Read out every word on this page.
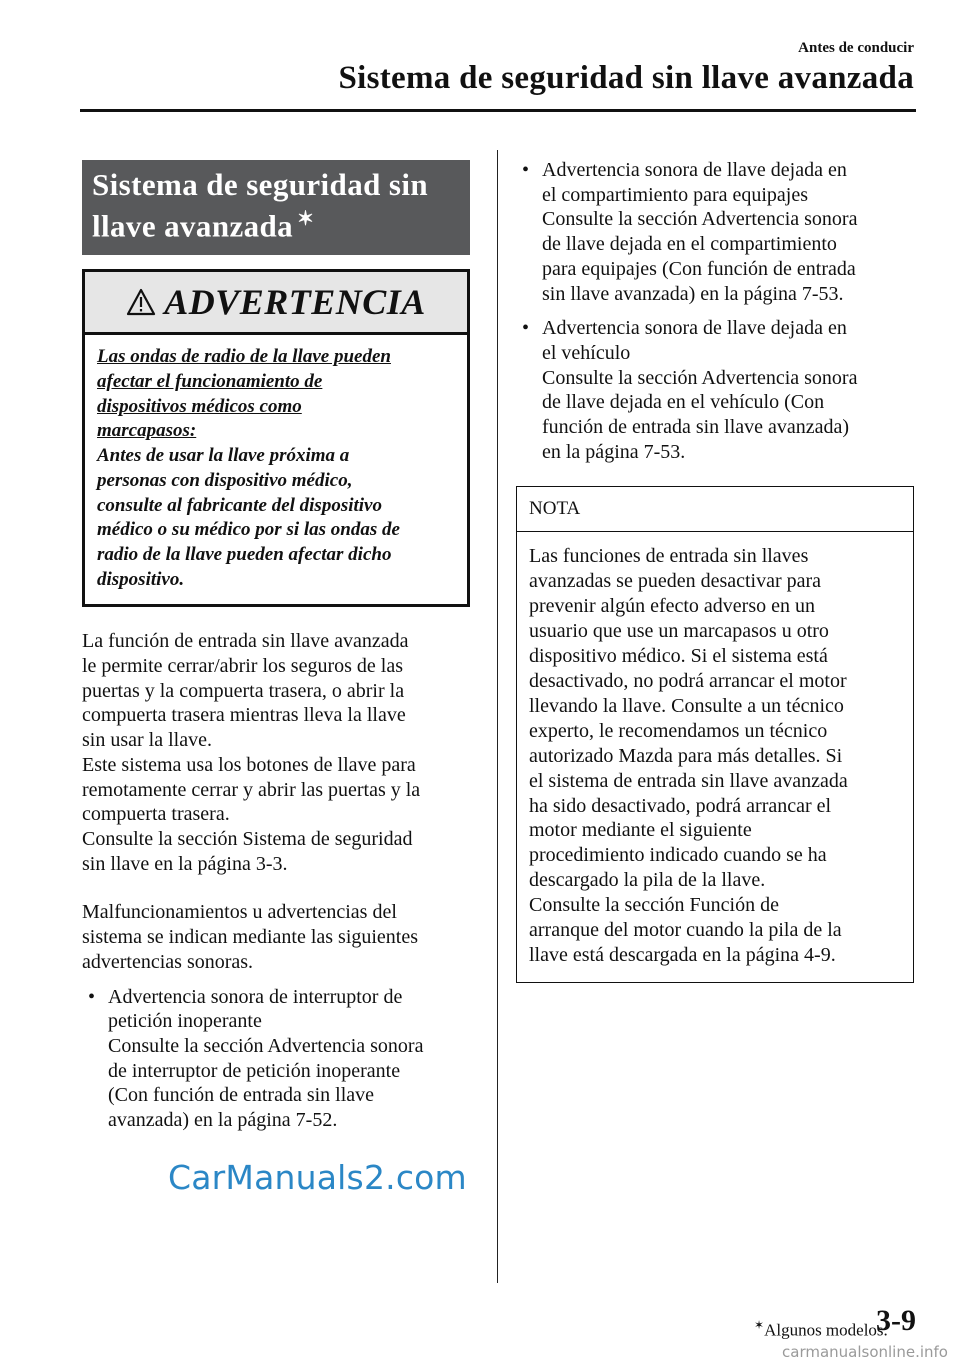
Antes de conducir
Sistema de seguridad sin llave avanzada
Sistema de seguridad sin
llave avanzada ✶
ADVERTENCIA
Las ondas de radio de la llave pueden
afectar el funcionamiento de
dispositivos médicos como
marcapasos:
Antes de usar la llave próxima a
personas con dispositivo médico,
consulte al fabricante del dispositivo
médico o su médico por si las ondas de
radio de la llave pueden afectar dicho
dispositivo.
La función de entrada sin llave avanzada
le permite cerrar/abrir los seguros de las
puertas y la compuerta trasera, o abrir la
compuerta trasera mientras lleva la llave
sin usar la llave.
Este sistema usa los botones de llave para
remotamente cerrar y abrir las puertas y la
compuerta trasera.
Consulte la sección Sistema de seguridad
sin llave en la página 3-3.
Malfuncionamientos u advertencias del
sistema se indican mediante las siguientes
advertencias sonoras.
• Advertencia sonora de interruptor de
petición inoperante
Consulte la sección Advertencia sonora
de interruptor de petición inoperante
(Con función de entrada sin llave
avanzada) en la página 7-52.
• Advertencia sonora de llave dejada en
el compartimiento para equipajes
Consulte la sección Advertencia sonora
de llave dejada en el compartimiento
para equipajes (Con función de entrada
sin llave avanzada) en la página 7-53.
• Advertencia sonora de llave dejada en
el vehículo
Consulte la sección Advertencia sonora
de llave dejada en el vehículo (Con
función de entrada sin llave avanzada)
en la página 7-53.
NOTA
Las funciones de entrada sin llaves
avanzadas se pueden desactivar para
prevenir algún efecto adverso en un
usuario que use un marcapasos u otro
dispositivo médico. Si el sistema está
desactivado, no podrá arrancar el motor
llevando la llave. Consulte a un técnico
experto, le recomendamos un técnico
autorizado Mazda para más detalles. Si
el sistema de entrada sin llave avanzada
ha sido desactivado, podrá arrancar el
motor mediante el siguiente
procedimiento indicado cuando se ha
descargado la pila de la llave.
Consulte la sección Función de
arranque del motor cuando la pila de la
llave está descargada en la página 4-9.
CarManuals2.com
✶Algunos modelos.
3-9
carmanualsonline.info
